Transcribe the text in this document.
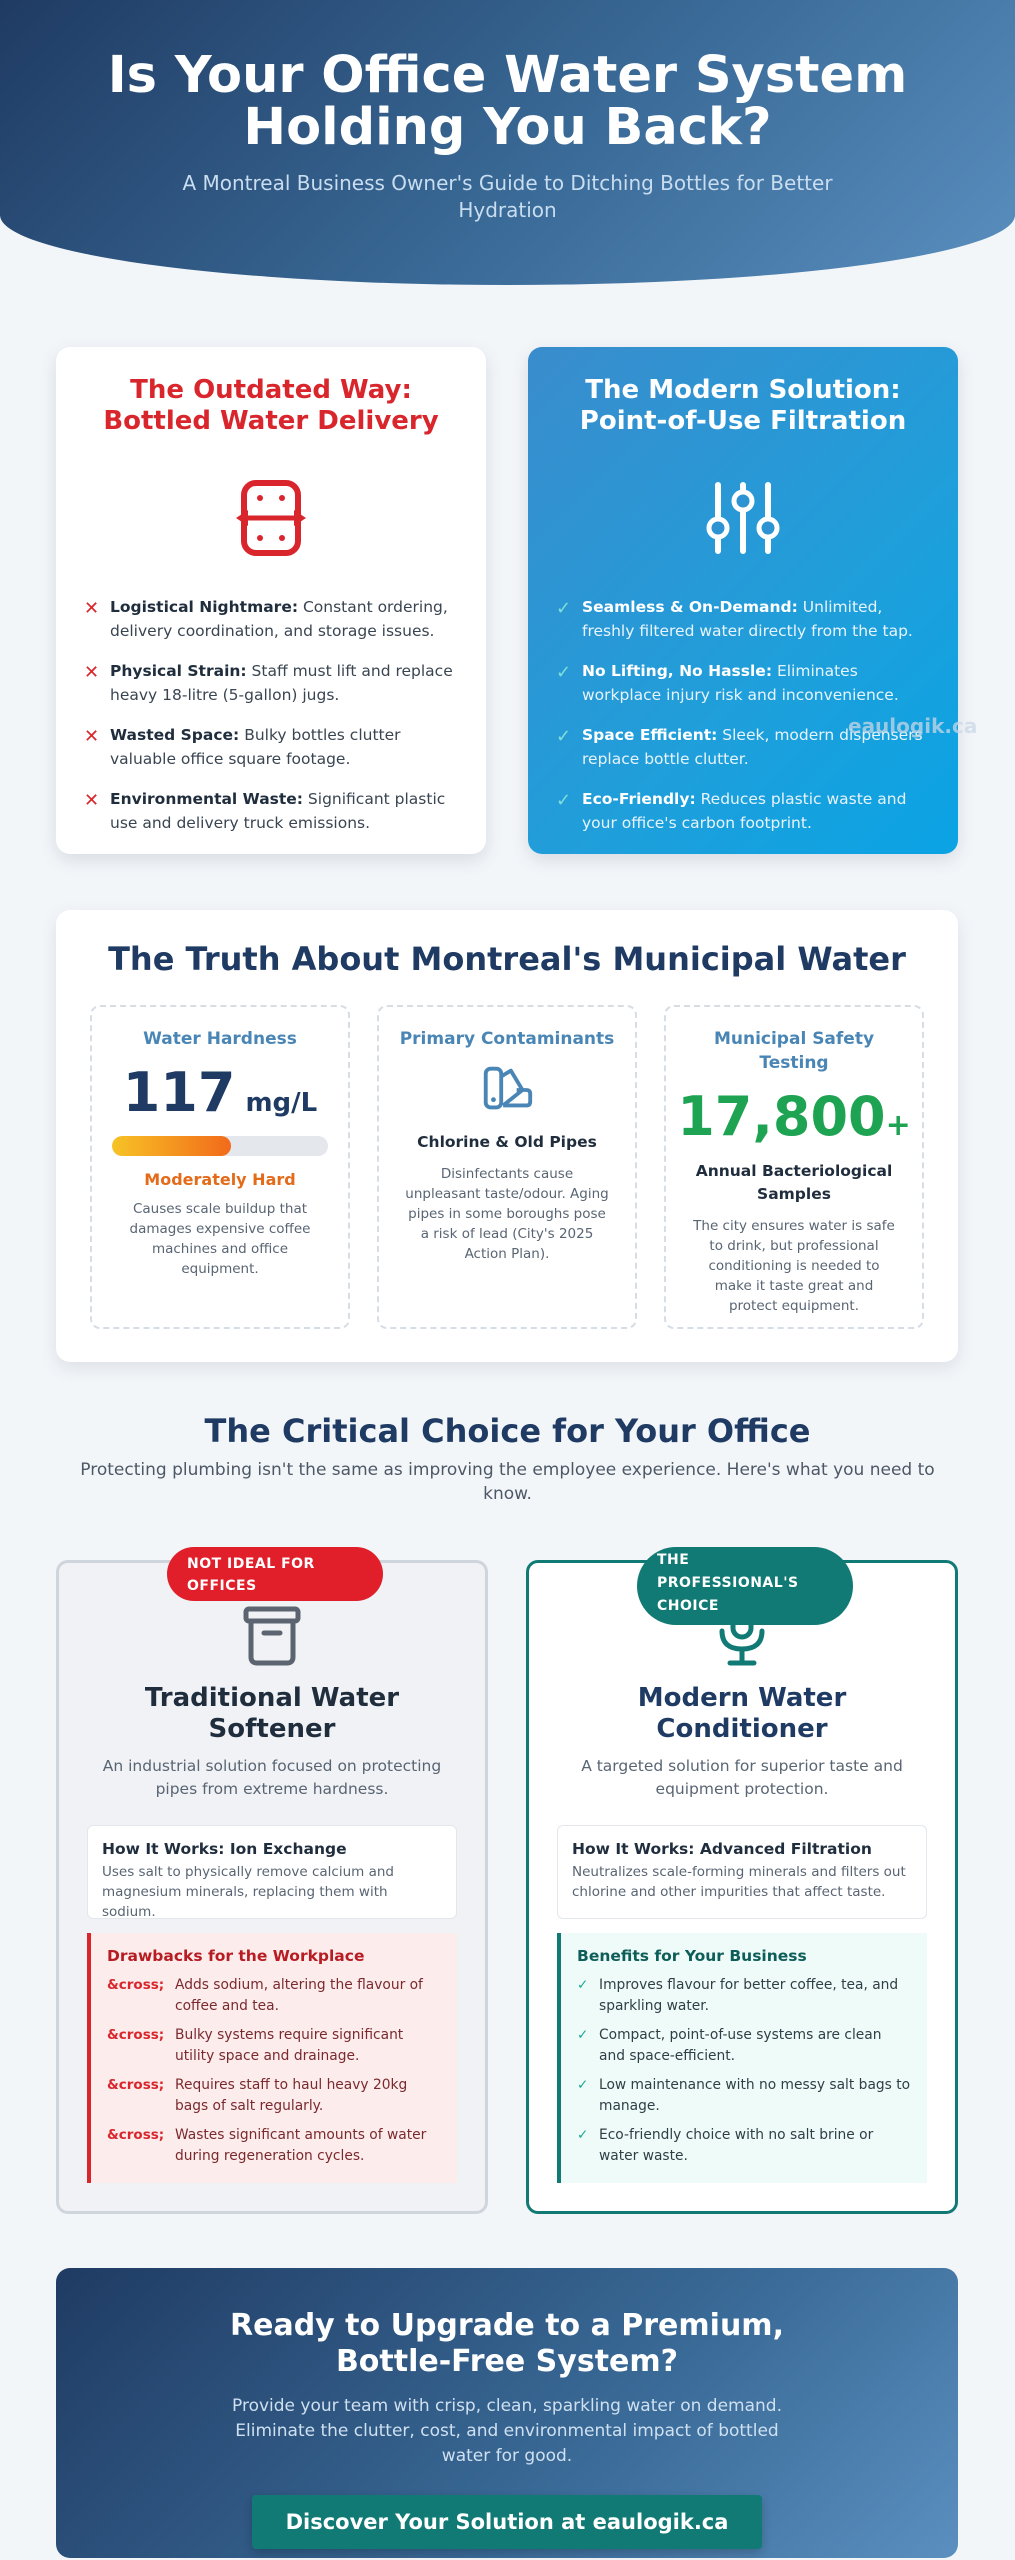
Is Your Office Water System Holding You Back?

A Montreal Business Owner's Guide to Ditching Bottles for Better Hydration

The Outdated Way: Bottled Water Delivery
✕ Logistical Nightmare: Constant ordering, delivery coordination, and storage issues.
✕ Physical Strain: Staff must lift and replace heavy 18-litre (5-gallon) jugs.
✕ Wasted Space: Bulky bottles clutter valuable office square footage.
✕ Environmental Waste: Significant plastic use and delivery truck emissions.
The Modern Solution: Point-of-Use Filtration
✓ Seamless & On-Demand: Unlimited, freshly filtered water directly from the tap.
✓ No Lifting, No Hassle: Eliminates workplace injury risk and inconvenience.
✓ Space Efficient: Sleek, modern dispensers replace bottle clutter.
✓ Eco-Friendly: Reduces plastic waste and your office's carbon footprint.
eaulogik.ca
The Truth About Montreal's Municipal Water
Water Hardness
117 mg/L
Moderately Hard

Causes scale buildup that damages expensive coffee machines and office equipment.

Primary Contaminants
Chlorine & Old Pipes

Disinfectants cause unpleasant taste/odour. Aging pipes in some boroughs pose a risk of lead (City's 2025 Action Plan).

Municipal Safety Testing
17,800+
Annual Bacteriological Samples

The city ensures water is safe to drink, but professional conditioning is needed to make it taste great and protect equipment.

The Critical Choice for Your Office

Protecting plumbing isn't the same as improving the employee experience. Here's what you need to know.

NOT IDEAL FOR OFFICES
Traditional Water Softener

An industrial solution focused on protecting pipes from extreme hardness.

How It Works: Ion Exchange

Uses salt to physically remove calcium and magnesium minerals, replacing them with sodium.

Drawbacks for the Workplace
&cross; Adds sodium, altering the flavour of coffee and tea.
&cross; Bulky systems require significant utility space and drainage.
&cross; Requires staff to haul heavy 20kg bags of salt regularly.
&cross; Wastes significant amounts of water during regeneration cycles.
THE PROFESSIONAL'S CHOICE
Modern Water Conditioner

A targeted solution for superior taste and equipment protection.

How It Works: Advanced Filtration

Neutralizes scale-forming minerals and filters out chlorine and other impurities that affect taste.

Benefits for Your Business
✓ Improves flavour for better coffee, tea, and sparkling water.
✓ Compact, point-of-use systems are clean and space-efficient.
✓ Low maintenance with no messy salt bags to manage.
✓ Eco-friendly choice with no salt brine or water waste.
Ready to Upgrade to a Premium, Bottle-Free System?

Provide your team with crisp, clean, sparkling water on demand. Eliminate the clutter, cost, and environmental impact of bottled water for good.

Discover Your Solution at eaulogik.ca
